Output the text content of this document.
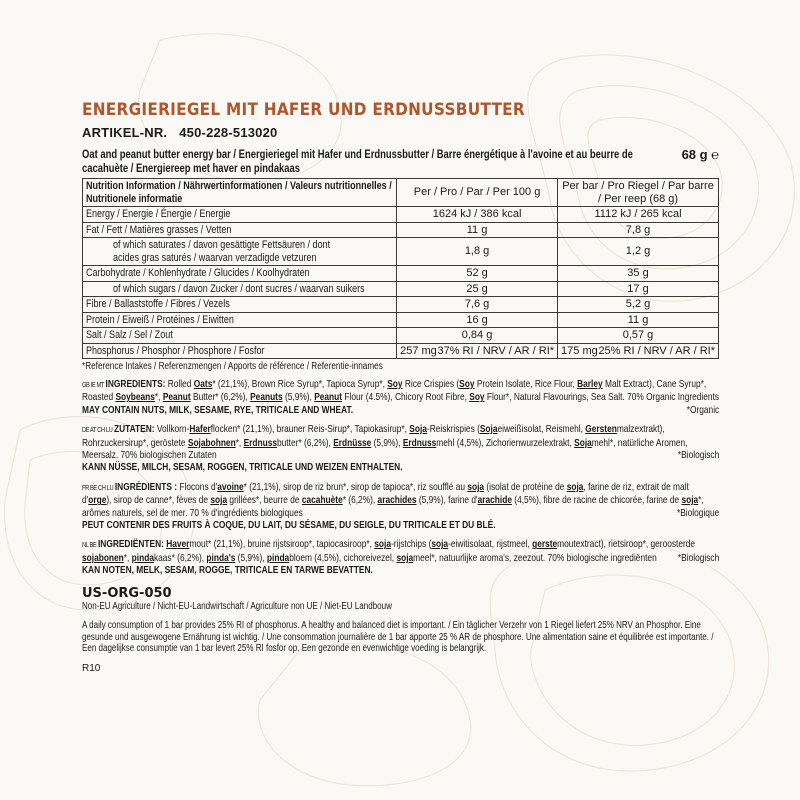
ENERGIERIEGEL MIT HAFER UND ERDNUSSBUTTER
ARTIKEL-NR. 450-228-513020
Oat and peanut butter energy bar / Energieriegel mit Hafer und Erdnussbutter / Barre énergétique à l'avoine et au beurre de cacahuète / Energiereep met haver en pindakaas
68 g ℮
Nutrition Information / Nährwertinformationen / Valeurs nutritionnelles / Nutritionele informatie	Per / Pro / Par / Per 100 g	Per bar / Pro Riegel / Par barre / Per reep (68 g)

Energy / Energie / Énergie / Energie	1624 kJ / 386 kcal	1112 kJ / 265 kcal

Fat / Fett / Matières grasses / Vetten	11 g	7,8 g

of which saturates / davon gesättigte Fettsäuren / dont acides gras saturés / waarvan verzadigde vetzuren	1,8 g	1,2 g

Carbohydrate / Kohlenhydrate / Glucides / Koolhydraten	52 g	35 g

of which sugars / davon Zucker / dont sucres / waarvan suikers	25 g	17 g

Fibre / Ballaststoffe / Fibres / Vezels	7,6 g	5,2 g

Protein / Eiweiß / Protéines / Eiwitten	16 g	11 g

Salt / Salz / Sel / Zout	0,84 g	0,57 g

Phosphorus / Phosphor / Phosphore / Fosfor	257 mg 37% RI / NRV / AR / RI*	175 mg 25% RI / NRV / AR / RI*
*Reference Intakes / Referenzmengen / Apports de référence / Referentie-innames
GB IE MT INGREDIENTS: Rolled Oats* (21,1%), Brown Rice Syrup*, Tapioca Syrup*, Soy Rice Crispies (Soy Protein Isolate, Rice Flour, Barley Malt Extract), Cane Syrup*, Roasted Soybeans*, Peanut Butter* (6,2%), Peanuts (5,9%), Peanut Flour (4.5%), Chicory Root Fibre, Soy Flour*, Natural Flavourings, Sea Salt. 70% Organic Ingredients
*Organic
MAY CONTAIN NUTS, MILK, SESAME, RYE, TRITICALE AND WHEAT.
DE AT CH LU ZUTATEN: Vollkorn-Haferflocken* (21,1%), brauner Reis-Sirup*, Tapiokasirup*, Soja-Reiskrispies (Sojaeiweißisolat, Reismehl, Gerstenmalzextrakt), Rohrzuckersirup*, geröstete Sojabohnen*, Erdnussbutter* (6,2%), Erdnüsse (5,9%), Erdnussmehl (4,5%), Zichorienwurzelextrakt, Sojamehl*, natürliche Aromen, Meersalz. 70% biologischen Zutaten	*Biologisch
KANN NÜSSE, MILCH, SESAM, ROGGEN, TRITICALE UND WEIZEN ENTHALTEN.
FR BE CH LU INGRÉDIENTS : Flocons d'avoine* (21,1%), sirop de riz brun*, sirop de tapioca*, riz soufflé au soja (isolat de protéine de soja, farine de riz, extrait de malt d'orge), sirop de canne*, fèves de soja grillées*, beurre de cacahuète* (6,2%), arachides (5,9%), farine d'arachide (4,5%), fibre de racine de chicorée, farine de soja*, arômes naturels, sel de mer. 70 % d'ingrédients biologiques	*Biologique
PEUT CONTENIR DES FRUITS À COQUE, DU LAIT, DU SÉSAME, DU SEIGLE, DU TRITICALE ET DU BLÉ.
NL BE INGREDIËNTEN: Havermout* (21,1%), bruine rijstsiroop*, tapiocasiroop*, soja-rijstchips (soja-eiwitisolaat, rijstmeel, gerstemoutextract), rietsiroop*, geroosterde sojabonen*, pindakaas* (6,2%), pinda's (5,9%), pindabloem (4,5%), cichoreivezel, sojameel*, natuurlijke aroma's, zeezout. 70% biologische ingrediënten *Biologisch
KAN NOTEN, MELK, SESAM, ROGGE, TRITICALE EN TARWE BEVATTEN.
US-ORG-050
Non-EU Agriculture / Nicht-EU-Landwirtschaft / Agriculture non UE / Niet-EU Landbouw
A daily consumption of 1 bar provides 25% RI of phosphorus. A healthy and balanced diet is important. / Ein täglicher Verzehr von 1 Riegel liefert 25% NRV an Phosphor. Eine gesunde und ausgewogene Ernährung ist wichtig. / Une consommation journalière de 1 bar apporte 25 % AR de phosphore. Une alimentation saine et équilibrée est importante. / Een dagelijkse consumptie van 1 bar levert 25% RI fosfor op. Een gezonde en evenwichtige voeding is belangrijk.
R10
